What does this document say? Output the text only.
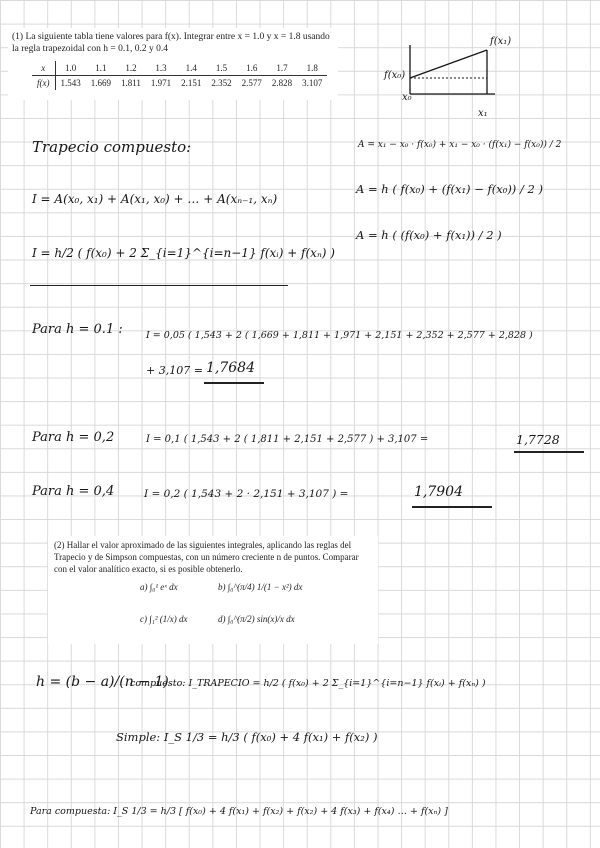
(1) La siguiente tabla tiene valores para f(x). Integrar entre x = 1.0 y x = 1.8 usando la regla trapezoidal con h = 0.1, 0.2 y 0.4
x	1.0	1.1	1.2	1.3	1.4	1.5	1.6	1.7	1.8
f(x)	1.543	1.669	1.811	1.971	2.151	2.352	2.577	2.828	3.107
f(x₁)
f(x₀)
x₀
x₁
A = x₁ − x₀ · f(x₀) + x₁ − x₀ · (f(x₁) − f(x₀)) / 2
A = h ( f(x₀) + (f(x₁) − f(x₀)) / 2 )
A = h ( (f(x₀) + f(x₁)) / 2 )
Trapecio compuesto:
I = A(x₀, x₁) + A(x₁, x₀) + … + A(xₙ₋₁, xₙ)
I = h/2 ( f(x₀) + 2 Σ_{i=1}^{i=n−1} f(xᵢ) + f(xₙ) )
Para h = 0.1 : I = 0,05 ( 1,543 + 2 ( 1,669 + 1,811 + 1,971 + 2,151 + 2,352 + 2,577 + 2,828 )
+ 3,107 = 1,7684
Para h = 0,2	I = 0,1 ( 1,543 + 2 ( 1,811 + 2,151 + 2,577 ) + 3,107 =	1,7728
Para h = 0,4	I = 0,2 ( 1,543 + 2 · 2,151 + 3,107 ) =	1,7904
(2) Hallar el valor aproximado de las siguientes integrales, aplicando las reglas del Trapecio y de Simpson compuestas, con un número creciente n de puntos. Comparar con el valor analítico exacto, si es posible obtenerlo.
a) ∫₀¹ eˣ dx	b) ∫₀^(π/4) 1/(1 − x²) dx
c) ∫₁² (1/x) dx	d) ∫₀^(π/2) sin(x)/x dx
h = (b − a)/(n − 1)
compuesto: I_TRAPECIO = h/2 ( f(x₀) + 2 Σ_{i=1}^{i=n−1} f(xᵢ) + f(xₙ) )
Simple: I_S 1/3 = h/3 ( f(x₀) + 4 f(x₁) + f(x₂) )
Para compuesta: I_S 1/3 = h/3 [ f(x₀) + 4 f(x₁) + f(x₂) + f(x₂) + 4 f(x₃) + f(x₄) … + f(xₙ) ]
